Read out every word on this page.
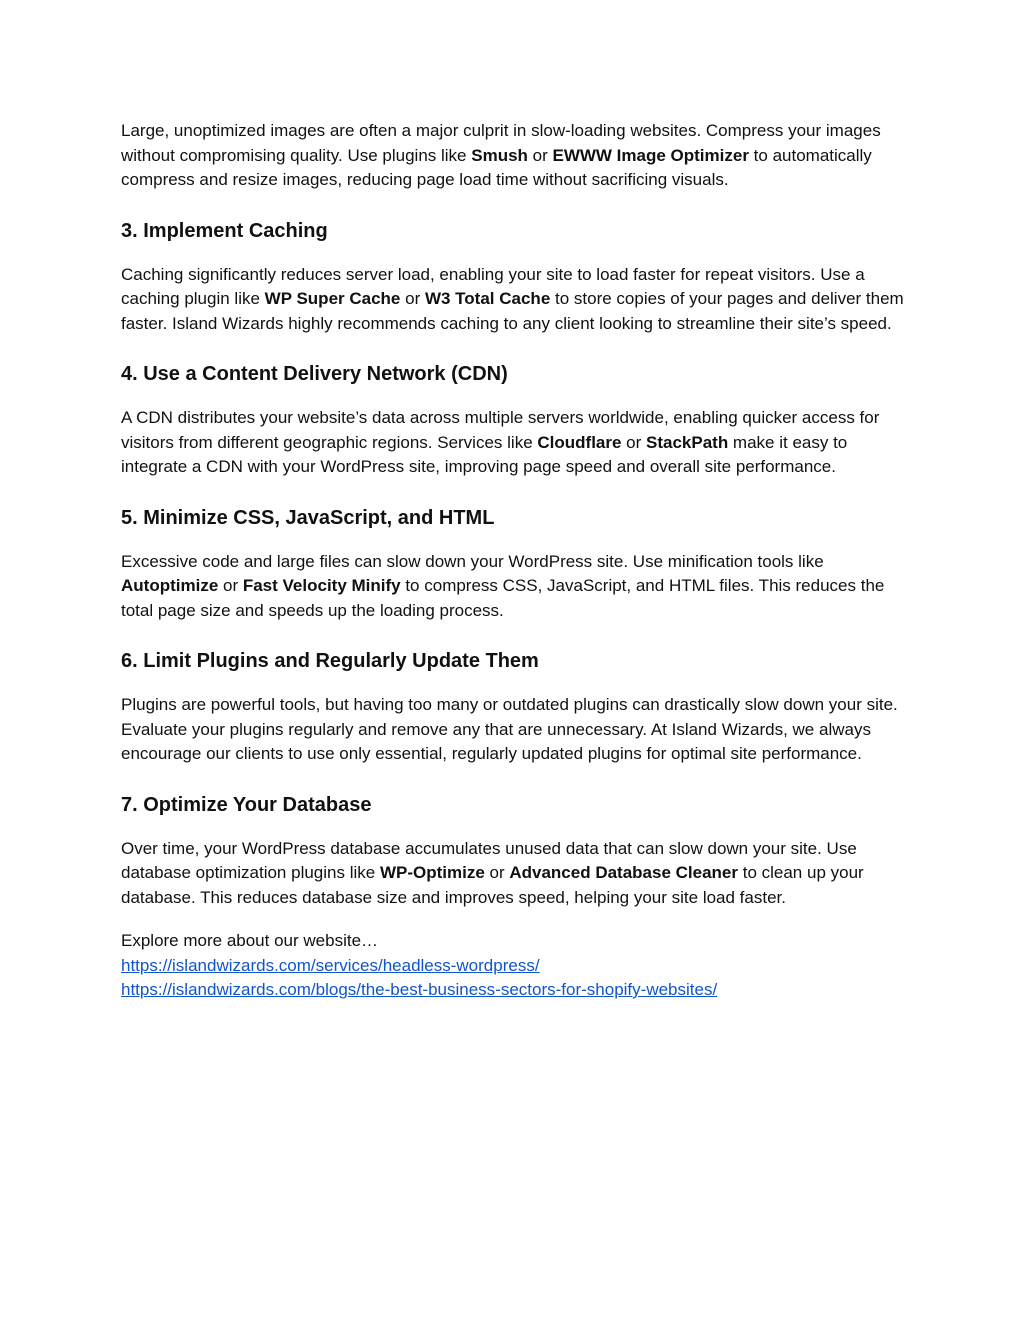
Large, unoptimized images are often a major culprit in slow-loading websites. Compress your images without compromising quality. Use plugins like Smush or EWWW Image Optimizer to automatically compress and resize images, reducing page load time without sacrificing visuals.

3. Implement Caching

Caching significantly reduces server load, enabling your site to load faster for repeat visitors. Use a caching plugin like WP Super Cache or W3 Total Cache to store copies of your pages and deliver them faster. Island Wizards highly recommends caching to any client looking to streamline their site’s speed.

4. Use a Content Delivery Network (CDN)

A CDN distributes your website’s data across multiple servers worldwide, enabling quicker access for visitors from different geographic regions. Services like Cloudflare or StackPath make it easy to integrate a CDN with your WordPress site, improving page speed and overall site performance.

5. Minimize CSS, JavaScript, and HTML

Excessive code and large files can slow down your WordPress site. Use minification tools like Autoptimize or Fast Velocity Minify to compress CSS, JavaScript, and HTML files. This reduces the total page size and speeds up the loading process.

6. Limit Plugins and Regularly Update Them

Plugins are powerful tools, but having too many or outdated plugins can drastically slow down your site. Evaluate your plugins regularly and remove any that are unnecessary. At Island Wizards, we always encourage our clients to use only essential, regularly updated plugins for optimal site performance.

7. Optimize Your Database

Over time, your WordPress database accumulates unused data that can slow down your site. Use database optimization plugins like WP-Optimize or Advanced Database Cleaner to clean up your database. This reduces database size and improves speed, helping your site load faster.

Explore more about our website…
https://islandwizards.com/services/headless-wordpress/
https://islandwizards.com/blogs/the-best-business-sectors-for-shopify-websites/
